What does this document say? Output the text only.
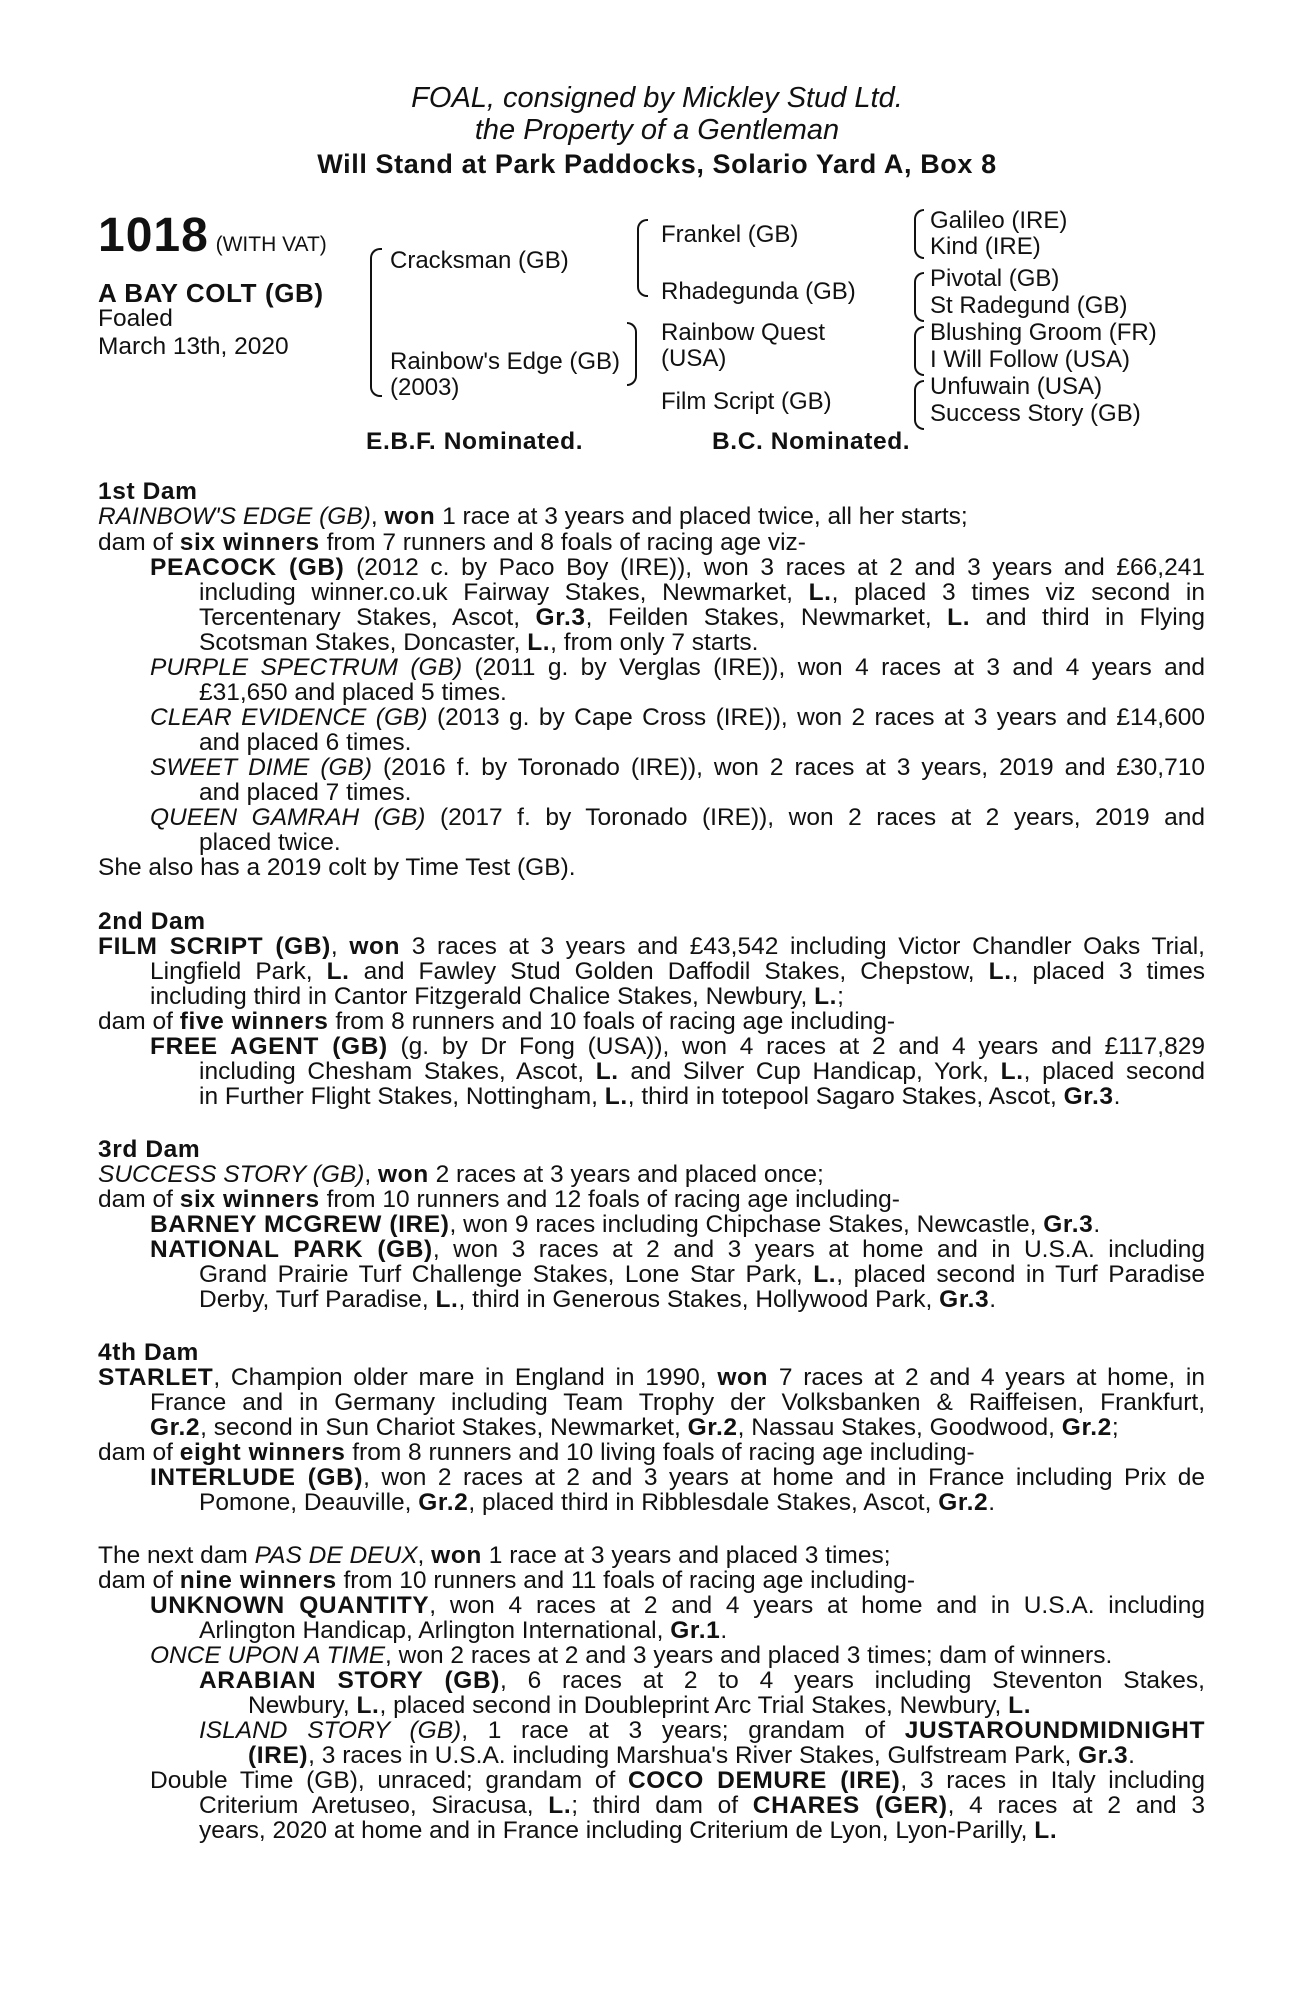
FOAL, consigned by Mickley Stud Ltd.
the Property of a Gentleman
Will Stand at Park Paddocks, Solario Yard A, Box 8
1018 (WITH VAT)
A BAY COLT (GB)
Foaled
March 13th, 2020
Cracksman (GB)
Rainbow's Edge (GB)
(2003)
Frankel (GB)
Rhadegunda (GB)
Rainbow Quest
(USA)
Film Script (GB)
Galileo (IRE)
Kind (IRE)
Pivotal (GB)
St Radegund (GB)
Blushing Groom (FR)
I Will Follow (USA)
Unfuwain (USA)
Success Story (GB)
E.B.F. Nominated.	B.C. Nominated.
1st Dam
RAINBOW'S EDGE (GB), won 1 race at 3 years and placed twice, all her starts;
dam of six winners from 7 runners and 8 foals of racing age viz-
PEACOCK (GB) (2012 c. by Paco Boy (IRE)), won 3 races at 2 and 3 years and £66,241
including winner.co.uk Fairway Stakes, Newmarket, L., placed 3 times viz second in
Tercentenary Stakes, Ascot, Gr.3, Feilden Stakes, Newmarket, L. and third in Flying
Scotsman Stakes, Doncaster, L., from only 7 starts.
PURPLE SPECTRUM (GB) (2011 g. by Verglas (IRE)), won 4 races at 3 and 4 years and
£31,650 and placed 5 times.
CLEAR EVIDENCE (GB) (2013 g. by Cape Cross (IRE)), won 2 races at 3 years and £14,600
and placed 6 times.
SWEET DIME (GB) (2016 f. by Toronado (IRE)), won 2 races at 3 years, 2019 and £30,710
and placed 7 times.
QUEEN GAMRAH (GB) (2017 f. by Toronado (IRE)), won 2 races at 2 years, 2019 and
placed twice.
She also has a 2019 colt by Time Test (GB).
2nd Dam
FILM SCRIPT (GB), won 3 races at 3 years and £43,542 including Victor Chandler Oaks Trial,
Lingfield Park, L. and Fawley Stud Golden Daffodil Stakes, Chepstow, L., placed 3 times
including third in Cantor Fitzgerald Chalice Stakes, Newbury, L.;
dam of five winners from 8 runners and 10 foals of racing age including-
FREE AGENT (GB) (g. by Dr Fong (USA)), won 4 races at 2 and 4 years and £117,829
including Chesham Stakes, Ascot, L. and Silver Cup Handicap, York, L., placed second
in Further Flight Stakes, Nottingham, L., third in totepool Sagaro Stakes, Ascot, Gr.3.
3rd Dam
SUCCESS STORY (GB), won 2 races at 3 years and placed once;
dam of six winners from 10 runners and 12 foals of racing age including-
BARNEY MCGREW (IRE), won 9 races including Chipchase Stakes, Newcastle, Gr.3.
NATIONAL PARK (GB), won 3 races at 2 and 3 years at home and in U.S.A. including
Grand Prairie Turf Challenge Stakes, Lone Star Park, L., placed second in Turf Paradise
Derby, Turf Paradise, L., third in Generous Stakes, Hollywood Park, Gr.3.
4th Dam
STARLET, Champion older mare in England in 1990, won 7 races at 2 and 4 years at home, in
France and in Germany including Team Trophy der Volksbanken & Raiffeisen, Frankfurt,
Gr.2, second in Sun Chariot Stakes, Newmarket, Gr.2, Nassau Stakes, Goodwood, Gr.2;
dam of eight winners from 8 runners and 10 living foals of racing age including-
INTERLUDE (GB), won 2 races at 2 and 3 years at home and in France including Prix de
Pomone, Deauville, Gr.2, placed third in Ribblesdale Stakes, Ascot, Gr.2.
The next dam PAS DE DEUX, won 1 race at 3 years and placed 3 times;
dam of nine winners from 10 runners and 11 foals of racing age including-
UNKNOWN QUANTITY, won 4 races at 2 and 4 years at home and in U.S.A. including
Arlington Handicap, Arlington International, Gr.1.
ONCE UPON A TIME, won 2 races at 2 and 3 years and placed 3 times; dam of winners.
ARABIAN STORY (GB), 6 races at 2 to 4 years including Steventon Stakes,
Newbury, L., placed second in Doubleprint Arc Trial Stakes, Newbury, L.
ISLAND STORY (GB), 1 race at 3 years; grandam of JUSTAROUNDMIDNIGHT
(IRE), 3 races in U.S.A. including Marshua's River Stakes, Gulfstream Park, Gr.3.
Double Time (GB), unraced; grandam of COCO DEMURE (IRE), 3 races in Italy including
Criterium Aretuseo, Siracusa, L.; third dam of CHARES (GER), 4 races at 2 and 3
years, 2020 at home and in France including Criterium de Lyon, Lyon-Parilly, L.
